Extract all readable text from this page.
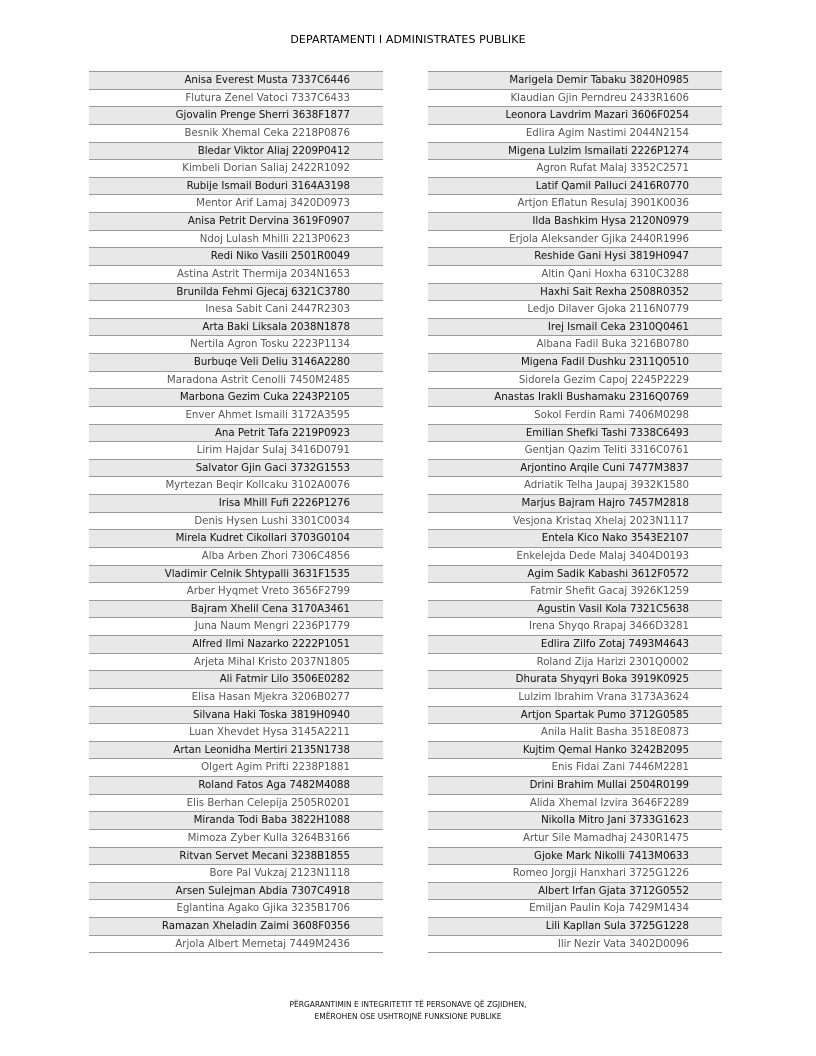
DEPARTAMENTI I ADMINISTRATES PUBLIKE
Anisa Everest Musta 7337C6446
Flutura Zenel Vatoci 7337C6433
Gjovalin Prenge Sherri 3638F1877
Besnik Xhemal Ceka 2218P0876
Bledar Viktor Aliaj 2209P0412
Kimbeli Dorian Saliaj 2422R1092
Rubije Ismail Boduri 3164A3198
Mentor Arif Lamaj 3420D0973
Anisa Petrit Dervina 3619F0907
Ndoj Lulash Mhilli 2213P0623
Redi Niko Vasili 2501R0049
Astina Astrit Thermija 2034N1653
Brunilda Fehmi Gjecaj 6321C3780
Inesa Sabit Cani 2447R2303
Arta Baki Liksala 2038N1878
Nertila Agron Tosku 2223P1134
Burbuqe Veli Deliu 3146A2280
Maradona Astrit Cenolli 7450M2485
Marbona Gezim Cuka 2243P2105
Enver Ahmet Ismaili 3172A3595
Ana Petrit Tafa 2219P0923
Lirim Hajdar Sulaj 3416D0791
Salvator Gjin Gaci 3732G1553
Myrtezan Beqir Kollcaku 3102A0076
Irisa Mhill Fufi 2226P1276
Denis Hysen Lushi 3301C0034
Mirela Kudret Cikollari 3703G0104
Alba Arben Zhori 7306C4856
Vladimir Celnik Shtypalli 3631F1535
Arber Hyqmet Vreto 3656F2799
Bajram Xhelil Cena 3170A3461
Juna Naum Mengri 2236P1779
Alfred Ilmi Nazarko 2222P1051
Arjeta Mihal Kristo 2037N1805
Ali Fatmir Lilo 3506E0282
Elisa Hasan Mjekra 3206B0277
Silvana Haki Toska 3819H0940
Luan Xhevdet Hysa 3145A2211
Artan Leonidha Mertiri 2135N1738
Olgert Agim Prifti 2238P1881
Roland Fatos Aga 7482M4088
Elis Berhan Celepija 2505R0201
Miranda Todi Baba 3822H1088
Mimoza Zyber Kulla 3264B3166
Ritvan Servet Mecani 3238B1855
Bore Pal Vukzaj 2123N1118
Arsen Sulejman Abdia 7307C4918
Eglantina Agako Gjika 3235B1706
Ramazan Xheladin Zaimi 3608F0356
Arjola Albert Memetaj 7449M2436
Marigela Demir Tabaku 3820H0985
Klaudian Gjin Perndreu 2433R1606
Leonora Lavdrim Mazari 3606F0254
Edlira Agim Nastimi 2044N2154
Migena Lulzim Ismailati 2226P1274
Agron Rufat Malaj 3352C2571
Latif Qamil Palluci 2416R0770
Artjon Eflatun Resulaj 3901K0036
Ilda Bashkim Hysa 2120N0979
Erjola Aleksander Gjika 2440R1996
Reshide Gani Hysi 3819H0947
Altin Qani Hoxha 6310C3288
Haxhi Sait Rexha 2508R0352
Ledjo Dilaver Gjoka 2116N0779
Irej Ismail Ceka 2310Q0461
Albana Fadil Buka 3216B0780
Migena Fadil Dushku 2311Q0510
Sidorela Gezim Capoj 2245P2229
Anastas Irakli Bushamaku 2316Q0769
Sokol Ferdin Rami 7406M0298
Emilian Shefki Tashi 7338C6493
Gentjan Qazim Teliti 3316C0761
Arjontino Arqile Cuni 7477M3837
Adriatik Telha Jaupaj 3932K1580
Marjus Bajram Hajro 7457M2818
Vesjona Kristaq Xhelaj 2023N1117
Entela Kico Nako 3543E2107
Enkelejda Dede Malaj 3404D0193
Agim Sadik Kabashi 3612F0572
Fatmir Shefit Gacaj 3926K1259
Agustin Vasil Kola 7321C5638
Irena Shyqo Rrapaj 3466D3281
Edlira Zilfo Zotaj 7493M4643
Roland Zija Harizi 2301Q0002
Dhurata Shyqyri Boka 3919K0925
Lulzim Ibrahim Vrana 3173A3624
Artjon Spartak Pumo 3712G0585
Anila Halit Basha 3518E0873
Kujtim Qemal Hanko 3242B2095
Enis Fidai Zani 7446M2281
Drini Brahim Mullai 2504R0199
Alida Xhemal Izvira 3646F2289
Nikolla Mitro Jani 3733G1623
Artur Sile Mamadhaj 2430R1475
Gjoke Mark Nikolli 7413M0633
Romeo Jorgji Hanxhari 3725G1226
Albert Irfan Gjata 3712G0552
Emiljan Paulin Koja 7429M1434
Lili Kapllan Sula 3725G1228
Ilir Nezir Vata 3402D0096
PËRGARANTIMIN E INTEGRITETIT TË PERSONAVE QË ZGJIDHEN,
EMËROHEN OSE USHTROJNË FUNKSIONE PUBLIKE
